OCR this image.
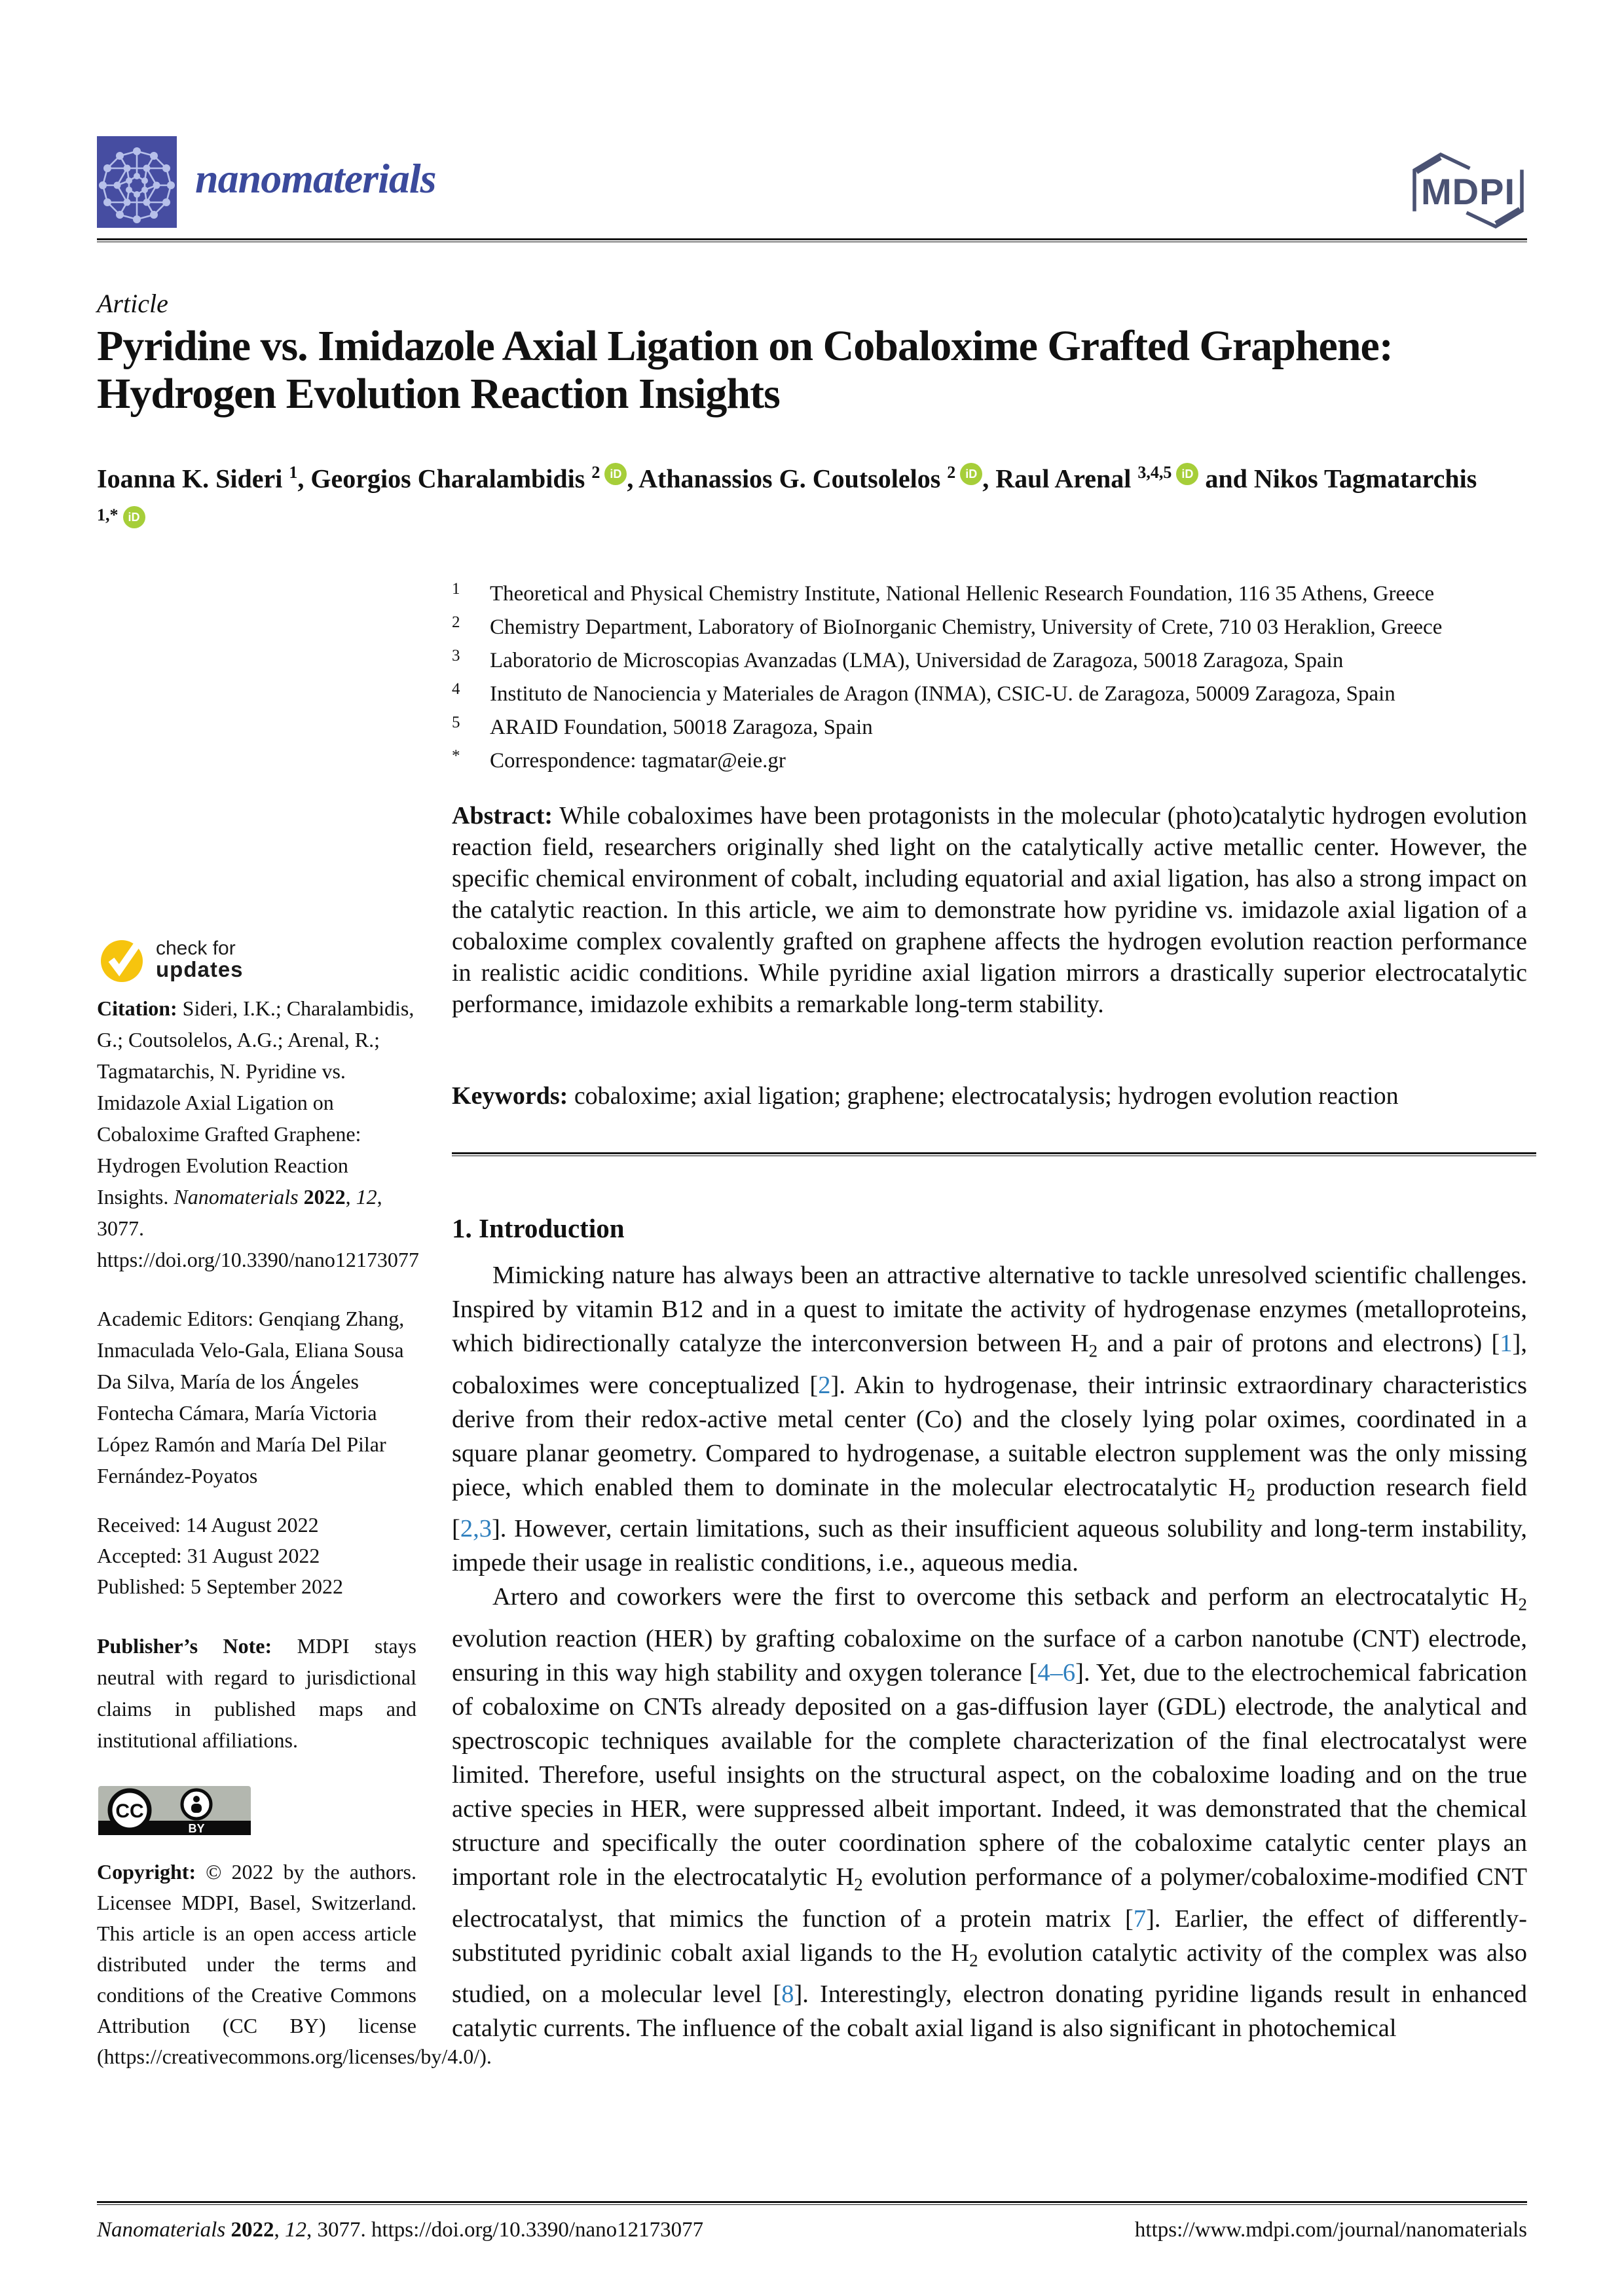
nanomaterials	MDPI
Article
Pyridine vs. Imidazole Axial Ligation on Cobaloxime Grafted Graphene: Hydrogen Evolution Reaction Insights
Ioanna K. Sideri $^1$, Georgios Charalambidis $^2$ iD , Athanassios G. Coutsolelos $^2$ iD , Raul Arenal $^{3,4,5}$ iD and Nikos Tagmatarchis $^{1,*}$ iD
1	Theoretical and Physical Chemistry Institute, National Hellenic Research Foundation, 116 35 Athens, Greece
2	Chemistry Department, Laboratory of BioInorganic Chemistry, University of Crete, 710 03 Heraklion, Greece
3	Laboratorio de Microscopias Avanzadas (LMA), Universidad de Zaragoza, 50018 Zaragoza, Spain
4	Instituto de Nanociencia y Materiales de Aragon (INMA), CSIC-U. de Zaragoza, 50009 Zaragoza, Spain
5	ARAID Foundation, 50018 Zaragoza, Spain
*	Correspondence: tagmatar@eie.gr
Abstract: While cobaloximes have been protagonists in the molecular (photo)catalytic hydrogen evolution reaction field, researchers originally shed light on the catalytically active metallic center. However, the specific chemical environment of cobalt, including equatorial and axial ligation, has also a strong impact on the catalytic reaction. In this article, we aim to demonstrate how pyridine vs. imidazole axial ligation of a cobaloxime complex covalently grafted on graphene affects the hydrogen evolution reaction performance in realistic acidic conditions. While pyridine axial ligation mirrors a drastically superior electrocatalytic performance, imidazole exhibits a remarkable long-term stability.
Keywords: cobaloxime; axial ligation; graphene; electrocatalysis; hydrogen evolution reaction
1. Introduction

Mimicking nature has always been an attractive alternative to tackle unresolved scientific challenges. Inspired by vitamin B12 and in a quest to imitate the activity of hydrogenase enzymes (metalloproteins, which bidirectionally catalyze the interconversion between $H_2$ and a pair of protons and electrons) [1], cobaloximes were conceptualized [2]. Akin to hydrogenase, their intrinsic extraordinary characteristics derive from their redox-active metal center (Co) and the closely lying polar oximes, coordinated in a square planar geometry. Compared to hydrogenase, a suitable electron supplement was the only missing piece, which enabled them to dominate in the molecular electrocatalytic $H_2$ production research field [2,3]. However, certain limitations, such as their insufficient aqueous solubility and long-term instability, impede their usage in realistic conditions, i.e., aqueous media.

Artero and coworkers were the first to overcome this setback and perform an electrocatalytic $H_2$ evolution reaction (HER) by grafting cobaloxime on the surface of a carbon nanotube (CNT) electrode, ensuring in this way high stability and oxygen tolerance [4–6]. Yet, due to the electrochemical fabrication of cobaloxime on CNTs already deposited on a gas-diffusion layer (GDL) electrode, the analytical and spectroscopic techniques available for the complete characterization of the final electrocatalyst were limited. Therefore, useful insights on the structural aspect, on the cobaloxime loading and on the true active species in HER, were suppressed albeit important. Indeed, it was demonstrated that the chemical structure and specifically the outer coordination sphere of the cobaloxime catalytic center plays an important role in the electrocatalytic $H_2$ evolution performance of a polymer/cobaloxime-modified CNT electrocatalyst, that mimics the function of a protein matrix [7]. Earlier, the effect of differently-substituted pyridinic cobalt axial ligands to the $H_2$ evolution catalytic activity of the complex was also studied, on a molecular level [8]. Interestingly, electron donating pyridine ligands result in enhanced catalytic currents. The influence of the cobalt axial ligand is also significant in photochemical

check for
updates
Citation: Sideri, I.K.; Charalambidis, G.; Coutsolelos, A.G.; Arenal, R.; Tagmatarchis, N. Pyridine vs. Imidazole Axial Ligation on Cobaloxime Grafted Graphene: Hydrogen Evolution Reaction Insights. Nanomaterials 2022, 12, 3077. https://doi.org/10.3390/nano12173077
Academic Editors: Genqiang Zhang, Inmaculada Velo-Gala, Eliana Sousa Da Silva, María de los Ángeles Fontecha Cámara, María Victoria López Ramón and María Del Pilar Fernández-Poyatos
Received: 14 August 2022
Accepted: 31 August 2022
Published: 5 September 2022
Publisher’s Note: MDPI stays neutral with regard to jurisdictional claims in published maps and institutional affiliations.
CC
BY
Copyright: © 2022 by the authors. Licensee MDPI, Basel, Switzerland. This article is an open access article distributed under the terms and conditions of the Creative Commons Attribution (CC BY) license (https://creativecommons.org/licenses/by/4.0/).
Nanomaterials 2022, 12, 3077. https://doi.org/10.3390/nano12173077	https://www.mdpi.com/journal/nanomaterials
